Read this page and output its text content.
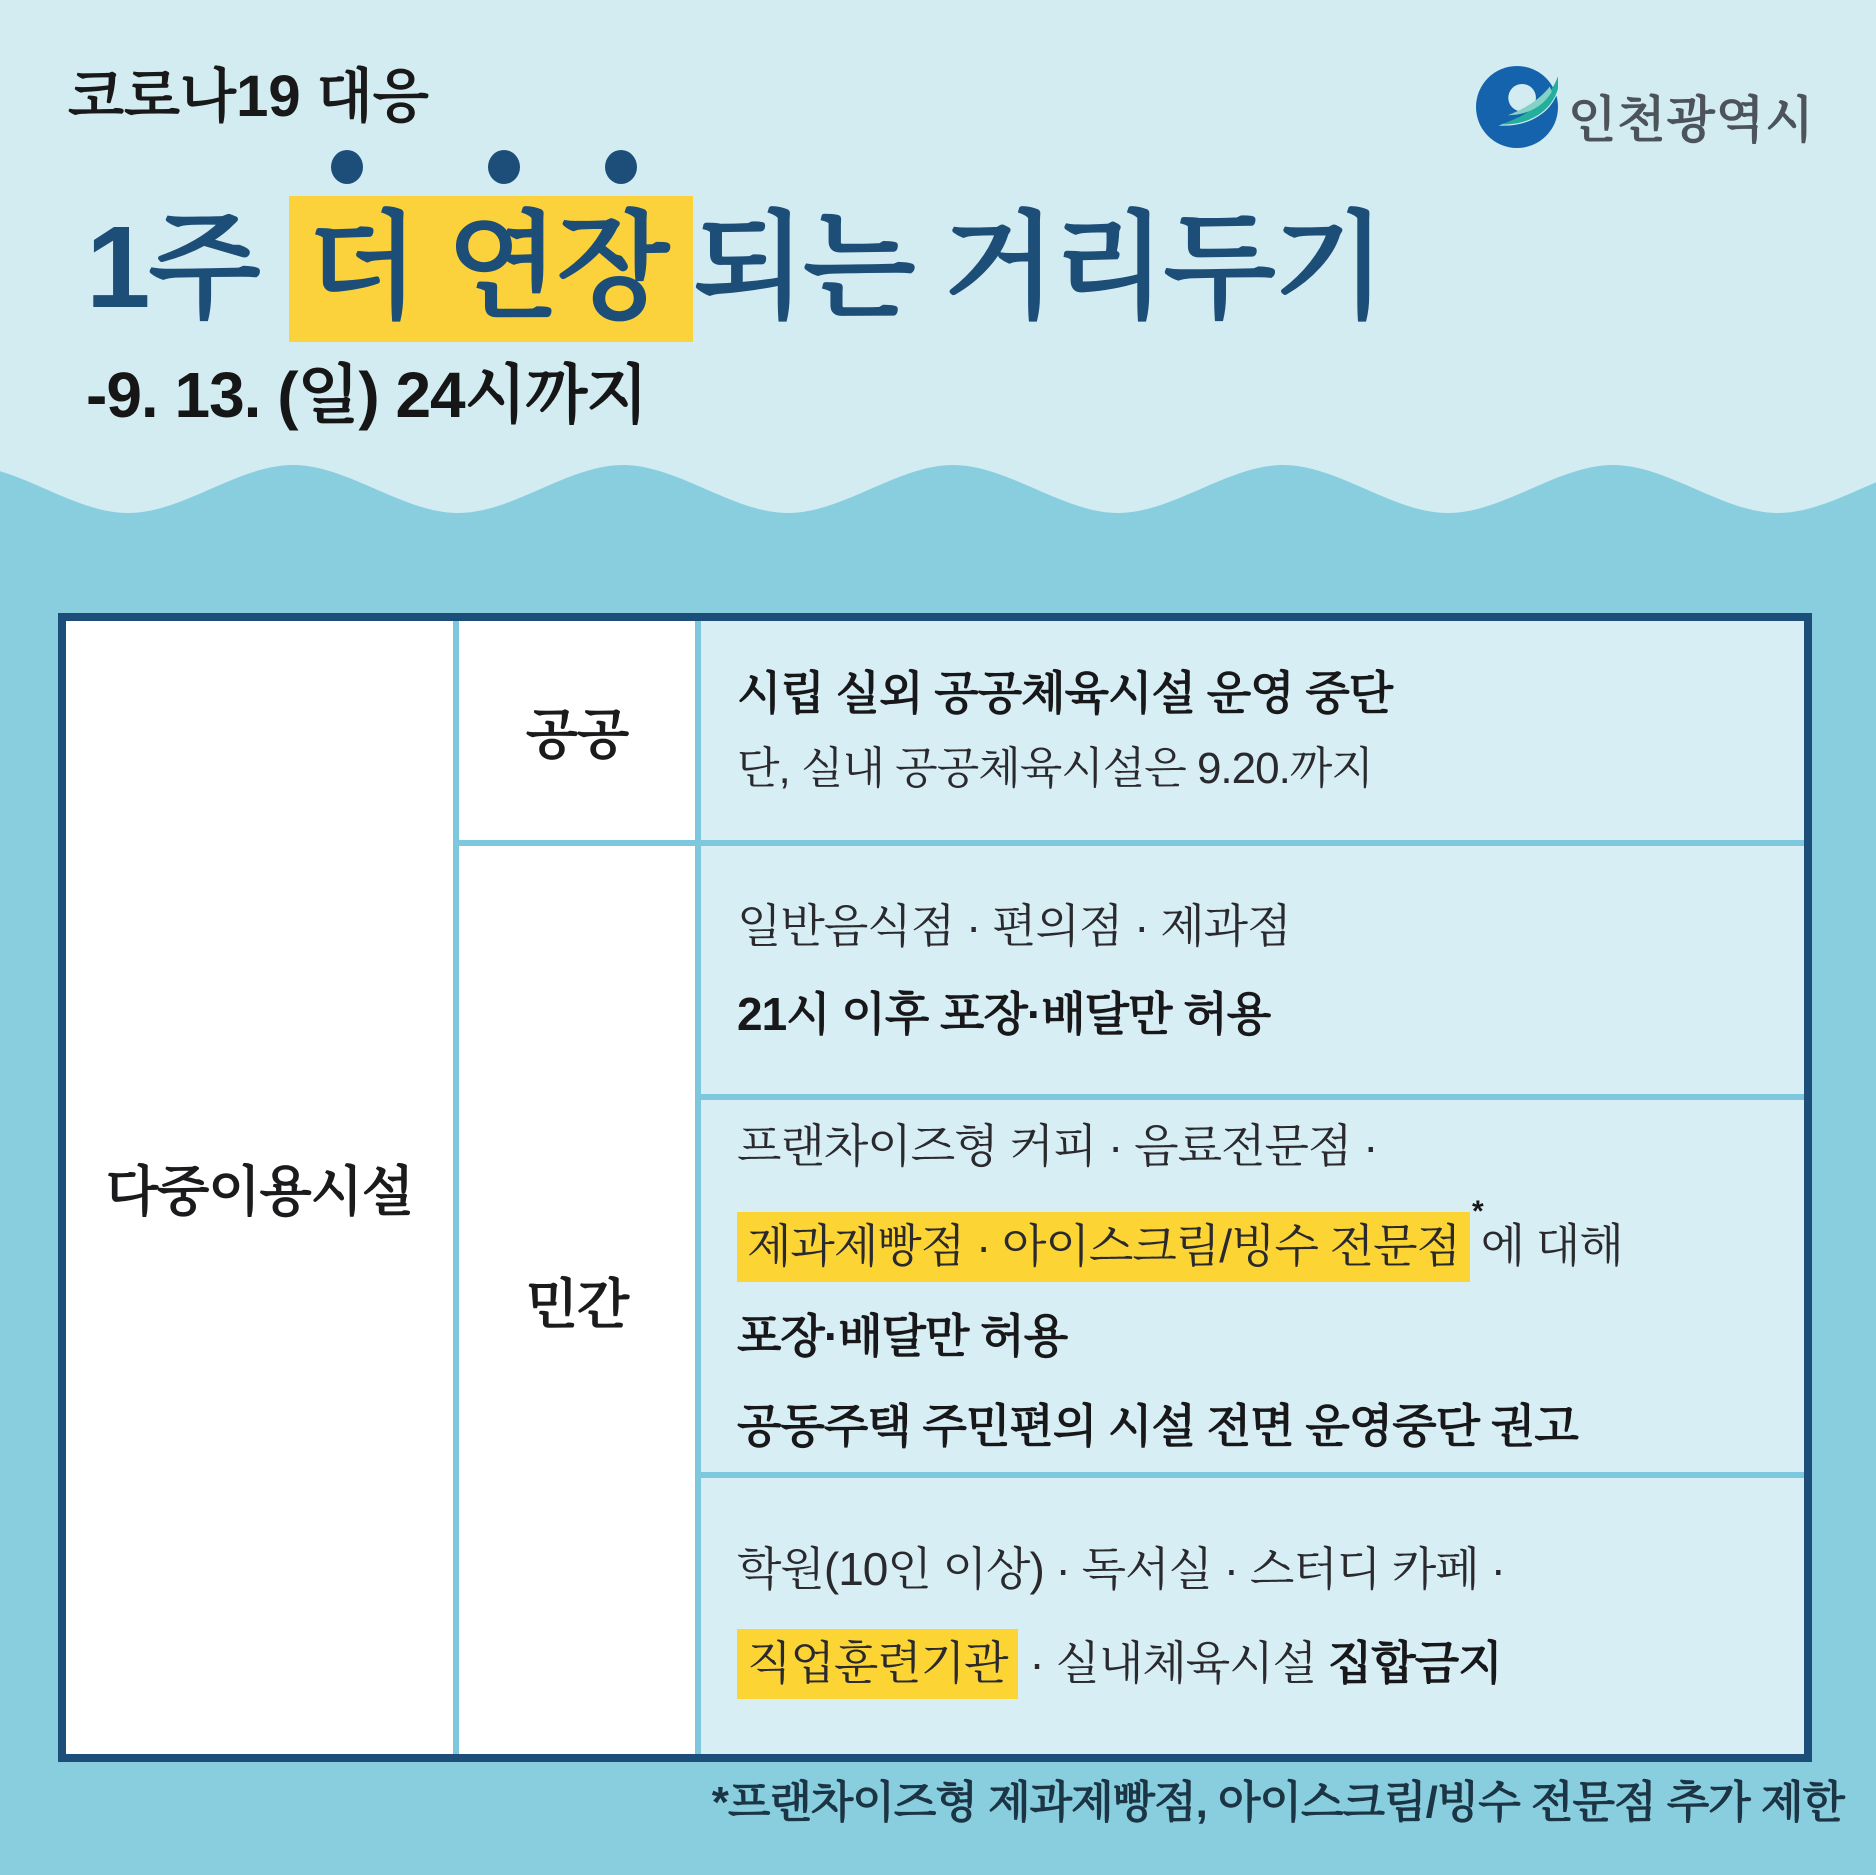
코로나19 대응
1주 더 연장 되는 거리두기
-9. 13. (일) 24시까지
인천광역시
다중이용시설
공공
민간
시립 실외 공공체육시설 운영 중단
단, 실내 공공체육시설은 9.20.까지
일반음식점 · 편의점 · 제과점
21시 이후 포장·배달만 허용
프랜차이즈형 커피 · 음료전문점 ·
제과제빵점 · 아이스크림/빙수 전문점*에 대해
포장·배달만 허용
공동주택 주민편의 시설 전면 운영중단 권고
학원(10인 이상) · 독서실 · 스터디 카페 ·
직업훈련기관 · 실내체육시설 집합금지
*프랜차이즈형 제과제빵점, 아이스크림/빙수 전문점 추가 제한
